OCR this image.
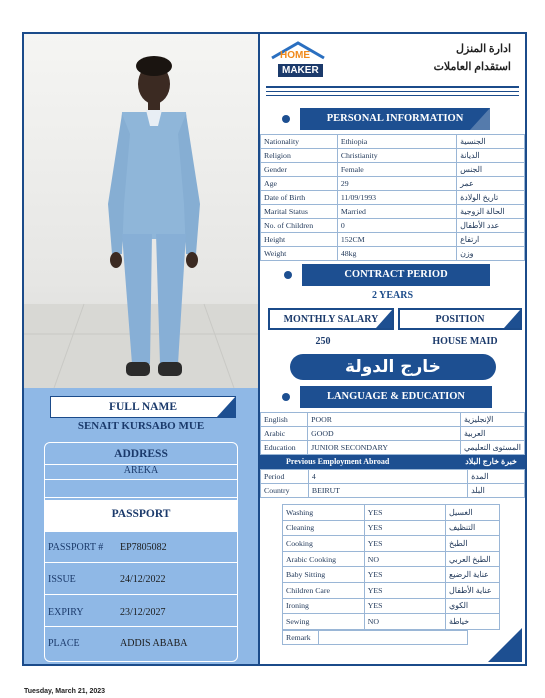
FULL NAME
SENAIT KURSABO MUE
ADDRESS
AREKA
PASSPORT
PASSPORT # EP7805082
ISSUE	24/12/2022
EXPIRY	23/12/2027
PLACE	ADDIS ABABA
HOME
MAKER
ادارة المنزل
استقدام العاملات
PERSONAL INFORMATION
Nationality	Ethiopia	الجنسية
Religion	Christianity	الديانة
Gender	Female	الجنس
Age	29	عمر
Date of Birth	11/09/1993	تاريخ الولادة
Marital Status	Married	الحالة الزوجية
No. of Children	0	عدد الأطفال
Height	152CM	ارتفاع
Weight	48kg	وزن
CONTRACT PERIOD
2 YEARS
MONTHLY SALARY	POSITION
250	HOUSE MAID
خارج الدولة
LANGUAGE & EDUCATION
English	POOR	الإنجليزية
Arabic	GOOD	العربية
Education	JUNIOR SECONDARY	المستوى التعليمي
Previous Employment Abroad	خبرة خارج البلاد
Period	4	المدة
Country	BEIRUT	البلد
Washing	YES	الغسيل
Cleaning	YES	التنظيف
Cooking	YES	الطبخ
Arabic Cooking	NO	الطبخ العربي
Baby Sitting	YES	عناية الرضيع
Children Care	YES	عناية الأطفال
Ironing	YES	الكوي
Sewing	NO	خياطة
Remark	
Tuesday, March 21, 2023
